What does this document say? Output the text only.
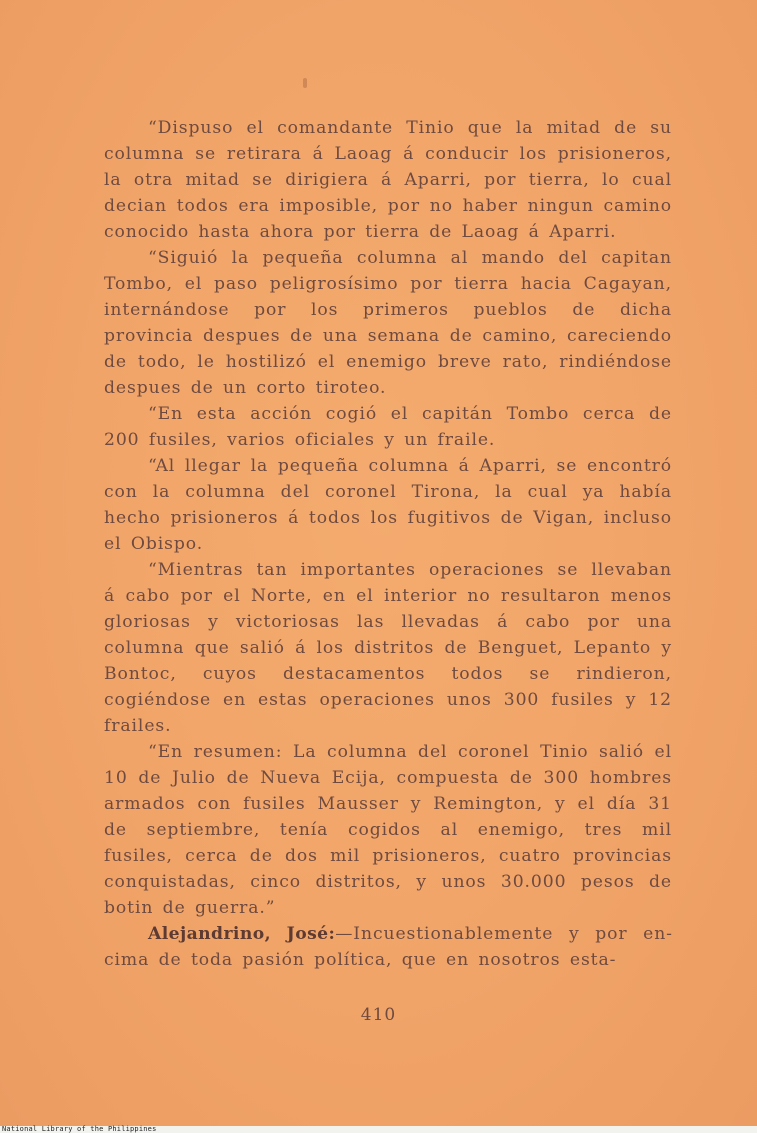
“Dispuso el comandante Tinio que la mitad de su columna se retirara á Laoag á conducir los prisioneros, la otra mitad se dirigiera á Aparri, por tierra, lo cual decian todos era imposible, por no haber ningun camino conocido hasta ahora por tierra de Laoag á Aparri.

“Siguió la pequeña columna al mando del capitan Tombo, el paso peligrosísimo por tierra hacia Cagayan, internándose por los primeros pueblos de dicha provincia despues de una semana de camino, careciendo de todo, le hostilizó el enemigo breve rato, rindiéndose despues de un corto tiroteo.

“En esta acción cogió el capitán Tombo cerca de 200 fusiles, varios oficiales y un fraile.

“Al llegar la pequeña columna á Aparri, se encontró con la columna del coronel Tirona, la cual ya había hecho prisioneros á todos los fugitivos de Vigan, incluso el Obispo.

“Mientras tan importantes operaciones se llevaban á cabo por el Norte, en el interior no resultaron menos gloriosas y victoriosas las llevadas á cabo por una columna que salió á los distritos de Benguet, Lepanto y Bontoc, cuyos destacamentos todos se rindieron, cogiéndose en estas operaciones unos 300 fusiles y 12 frailes.

“En resumen: La columna del coronel Tinio salió el 10 de Julio de Nueva Ecija, compuesta de 300 hombres armados con fusiles Mausser y Remington, y el día 31 de septiembre, tenía cogidos al enemigo, tres mil fusiles, cerca de dos mil prisioneros, cuatro provincias conquistadas, cinco distritos, y unos 30.000 pesos de botin de guerra.”

Alejandrino, José:—Incuestionablemente y por encima de toda pasión política, que en nosotros esta-

410
National Library of the Philippines
